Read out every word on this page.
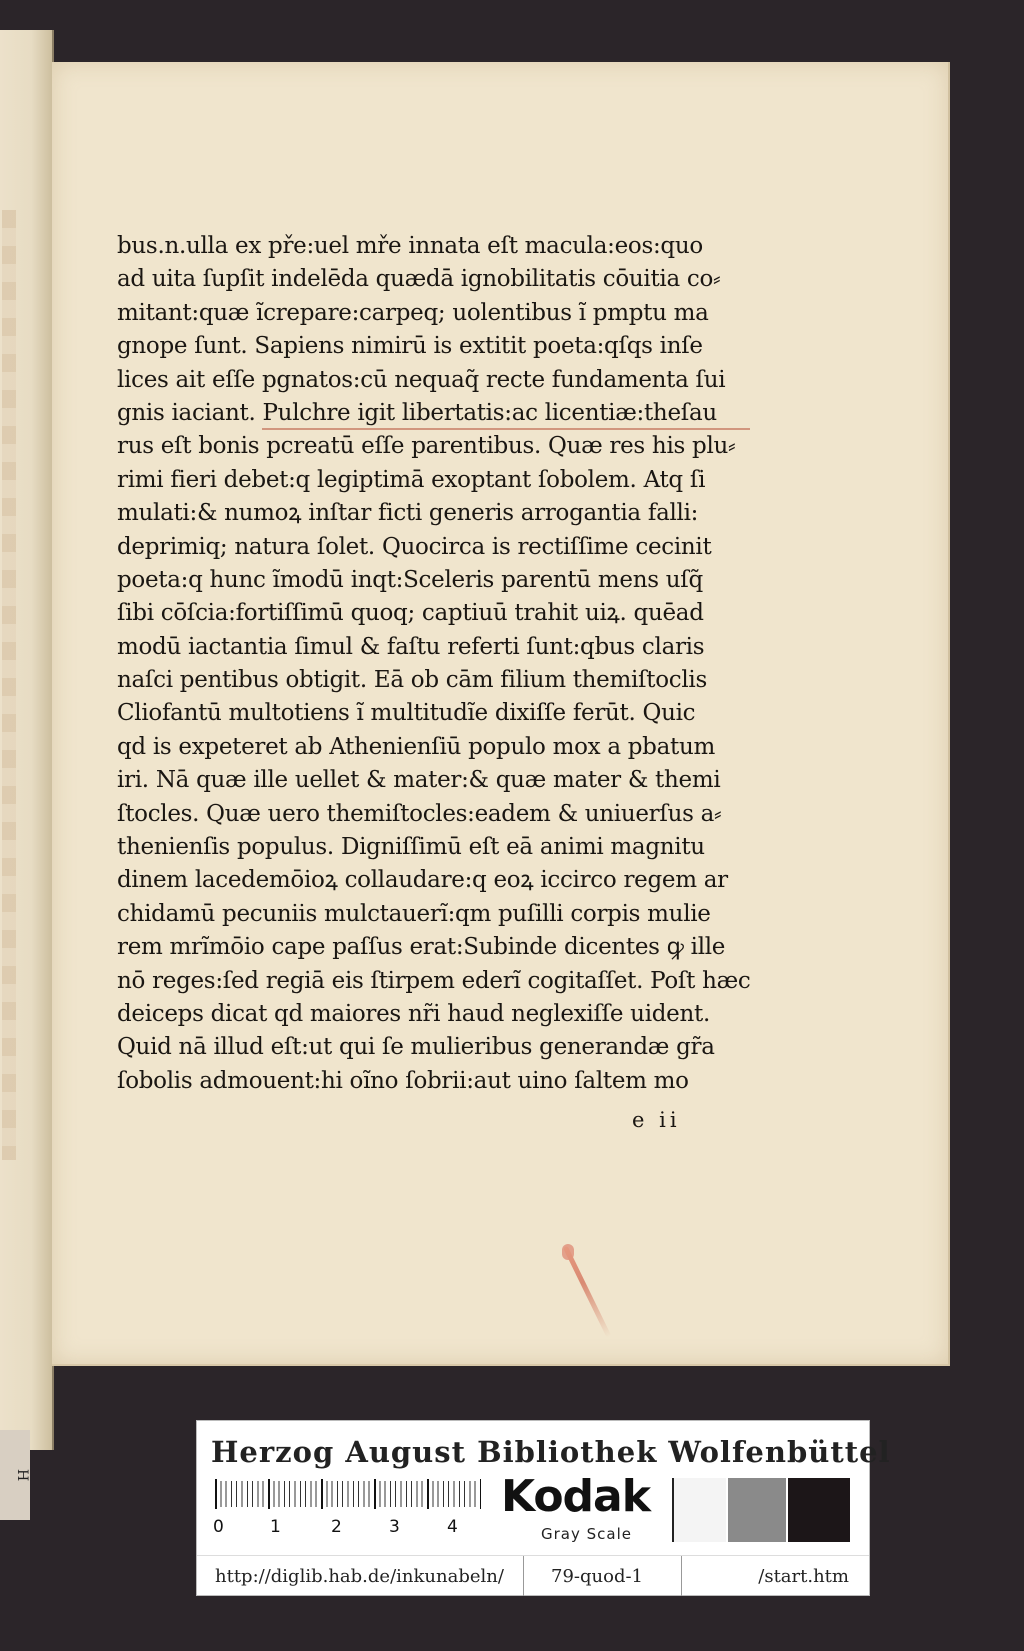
H
bus.n.ulla ex pře:uel mře innata eſt macula:eos:quo
ad uita ſupſit indelēda quædā ignobilitatis cōuitia co⸗
mitant:quæ ĩcrepare:carpeq; uolentibus ĩ pmptu ma
gnope ſunt. Sapiens nimirū is extitit poeta:qſqs inſe
lices ait eſſe pgnatos:cū nequaq̃ recte fundamenta ſui
gnis iaciant. Pulchre igit libertatis:ac licentiæ:theſau
rus eſt bonis pcreatū eſſe parentibus. Quæ res his plu⸗
rimi fieri debet:q legiptimā exoptant ſobolem. Atq ſi
mulati:& numoꝝ inſtar ficti generis arrogantia falli:
deprimiq; natura ſolet. Quocirca is rectiſſime cecinit
poeta:q hunc ĩmodū inqt:Sceleris parentū mens uſq̃
ſibi cōſcia:fortiſſimū quoq; captiuū trahit uiꝝ. quēad
modū iactantia ſimul & faſtu referti ſunt:qbus claris
naſci pentibus obtigit. Eā ob cām filium themiſtoclis
Cliofantū multotiens ĩ multitudĩe dixiſſe ferūt. Quic
qd is expeteret ab Athenienſiū populo mox a pbatum
iri. Nā quæ ille uellet & mater:& quæ mater & themi
ſtocles. Quæ uero themiſtocles:eadem & uniuerſus a⸗
thenienſis populus. Digniſſimū eſt eā animi magnitu
dinem lacedemōioꝝ collaudare:q eoꝝ iccirco regem ar
chidamū pecuniis mulctauerĩ:qm puſilli corpis mulie
rem mrĩmōio cape paſſus erat:Subinde dicentes ꝙ ille
nō reges:ſed regiā eis ſtirpem ederĩ cogitaſſet. Poſt hæc
deiceps dicat qd maiores nr̃i haud neglexiſſe uident.
Quid nā illud eſt:ut qui ſe mulieribus generandæ gr̃a
ſobolis admouent:hi oĩno ſobrii:aut uino ſaltem mo
e ii
Herzog August Bibliothek Wolfenbüttel
0	1	2	3	4
Kodak
Gray Scale
http://diglib.hab.de/inkunabeln/	79-quod-1	/start.htm
